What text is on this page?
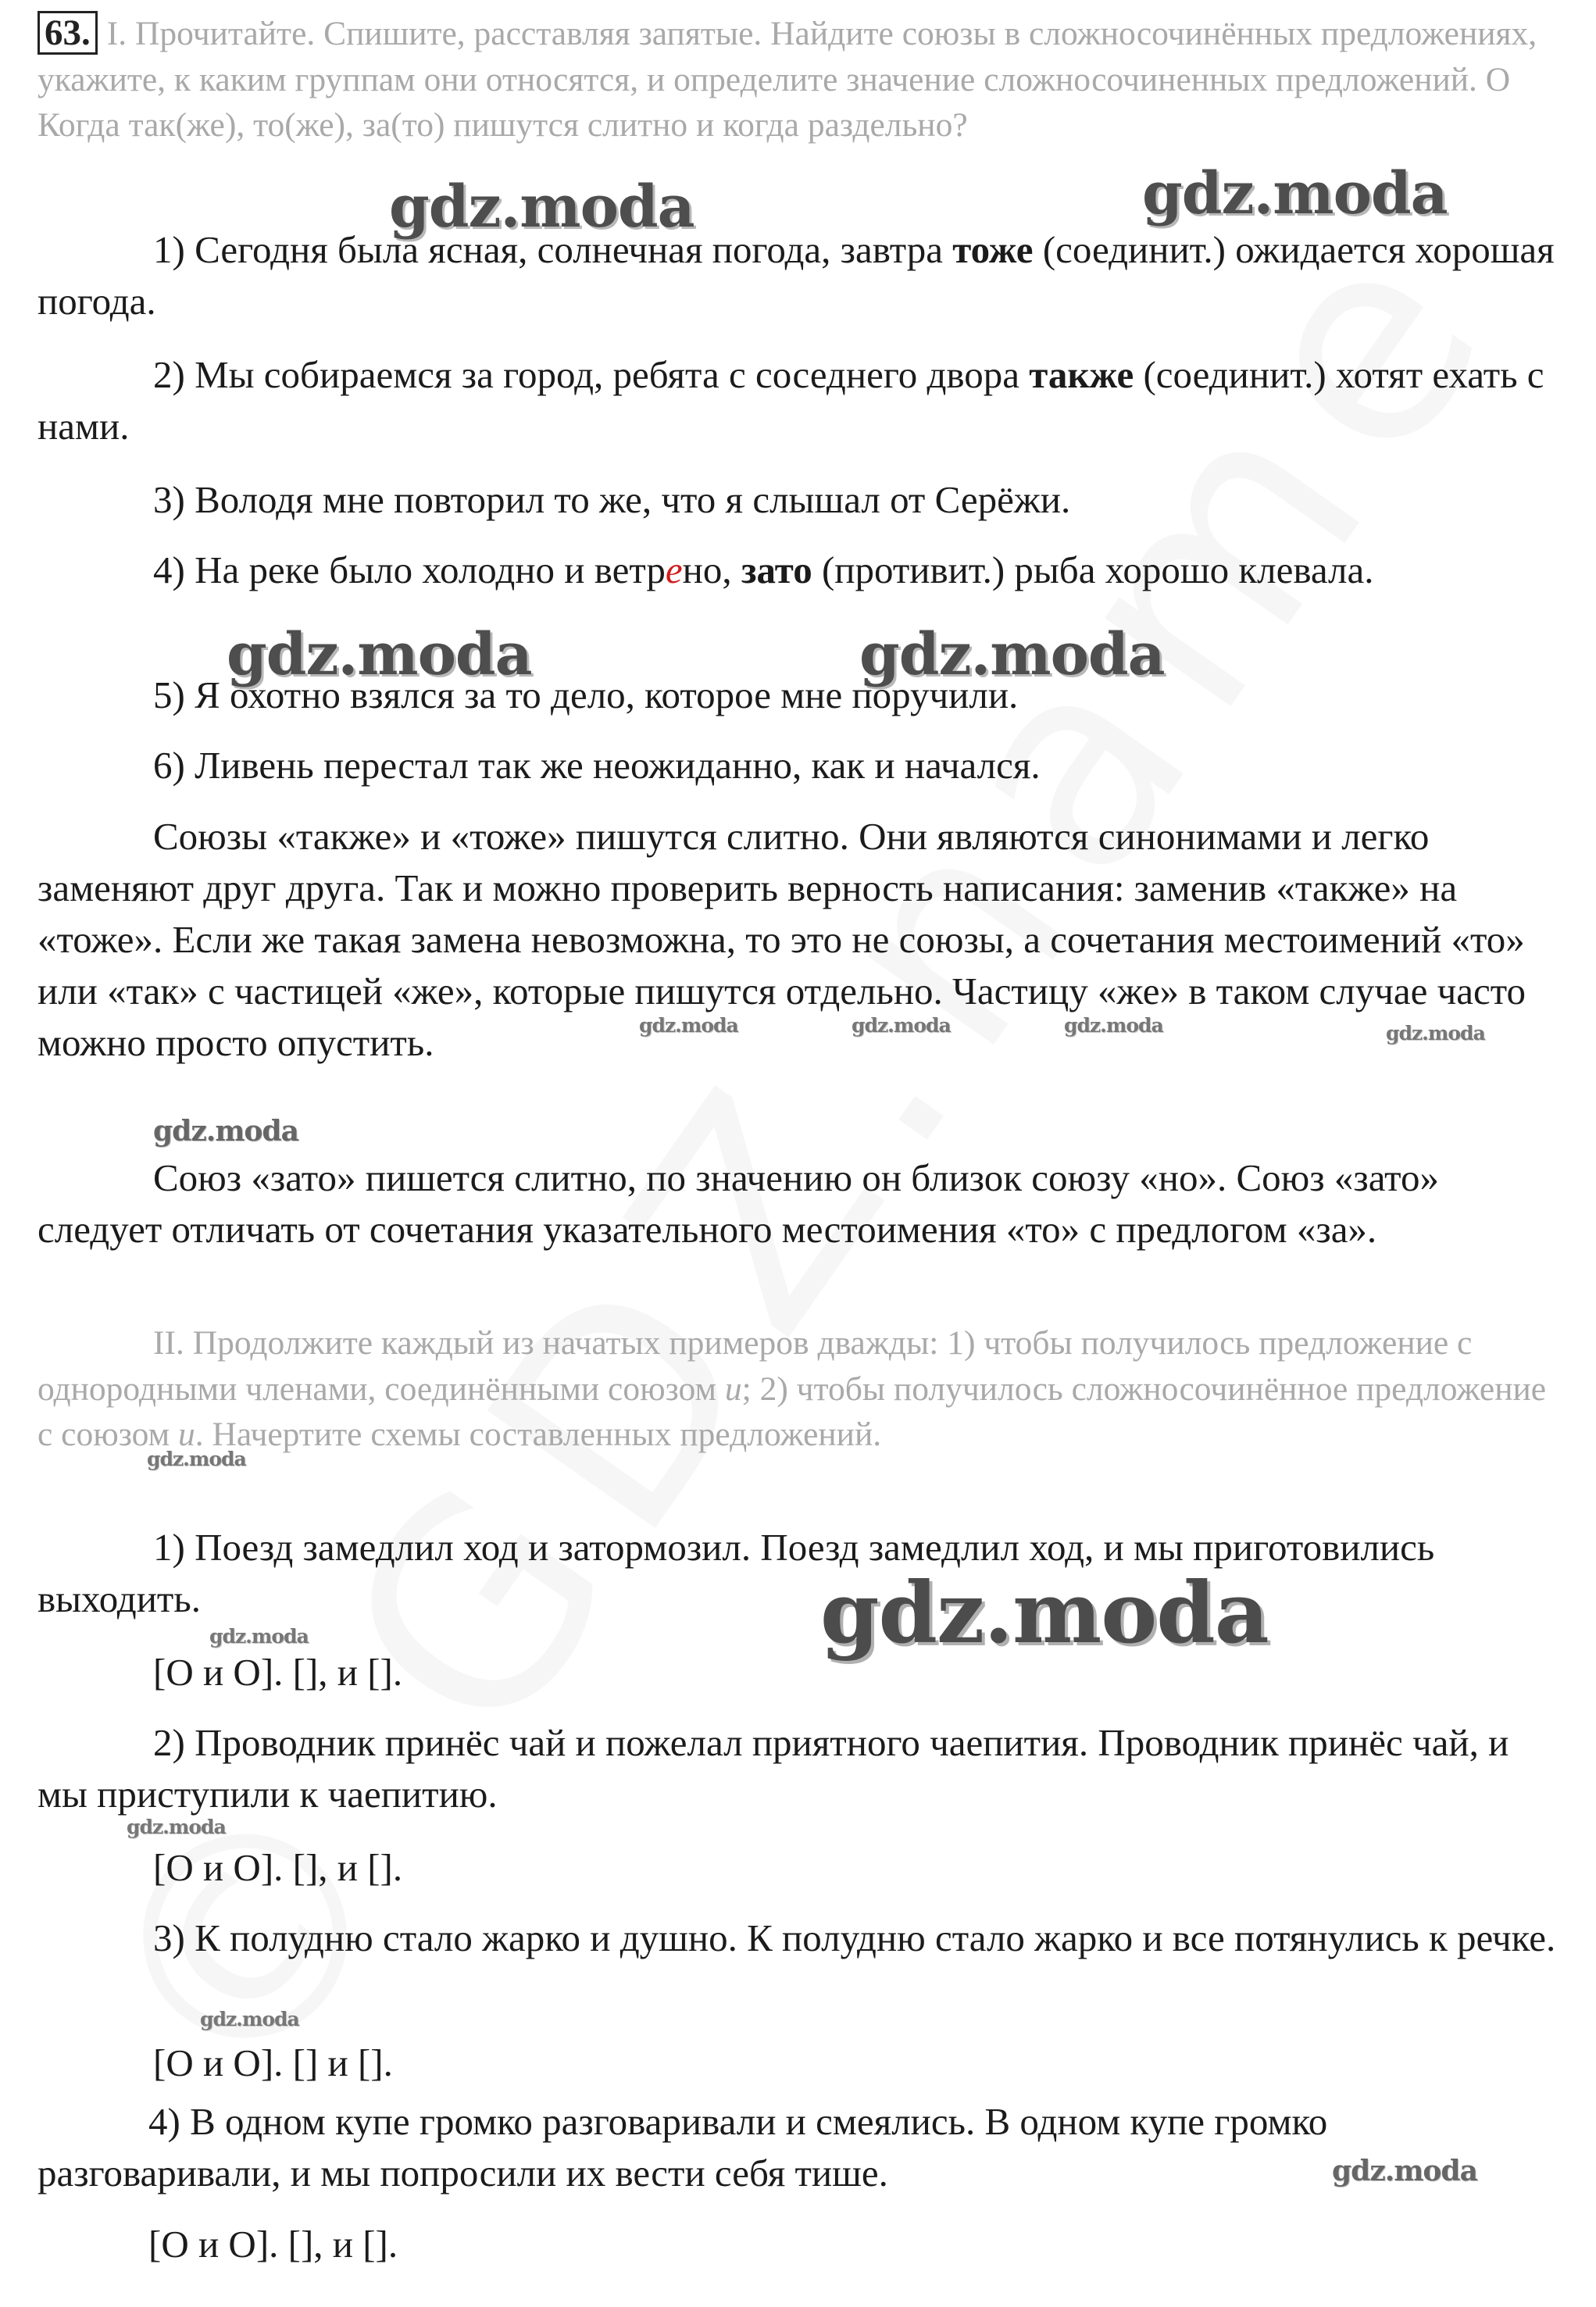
63. I. Прочитайте. Спишите, расставляя запятые. Найдите союзы в сложносочинённых предложениях, укажите, к каким группам они относятся, и определите значение сложносочиненных предложений. О Когда так(же), то(же), за(то) пишутся слитно и когда раздельно?

1) Сегодня была ясная, солнечная погода, завтра тоже (соединит.) ожидается хорошая погода.

2) Мы собираемся за город, ребята с соседнего двора также (соединит.) хотят ехать с нами.

3) Володя мне повторил то же, что я слышал от Серёжи.

4) На реке было холодно и ветрено, зато (противит.) рыба хорошо клевала.

5) Я охотно взялся за то дело, которое мне поручили.

6) Ливень перестал так же неожиданно, как и начался.

Союзы «также» и «тоже» пишутся слитно. Они являются синонимами и легко заменяют друг друга. Так и можно проверить верность написания: заменив «также» на «тоже». Если же такая замена невозможна, то это не союзы, а сочетания местоимений «то» или «так» с частицей «же», которые пишутся отдельно. Частицу «же» в таком случае часто можно просто опустить.

Союз «зато» пишется слитно, по значению он близок союзу «но». Союз «зато» следует отличать от сочетания указательного местоимения «то» с предлогом «за».

II. Продолжите каждый из начатых примеров дважды: 1) чтобы получилось предложение с однородными членами, соединёнными союзом и; 2) чтобы получилось сложносочинённое предложение с союзом и. Начертите схемы составленных предложений.

1) Поезд замедлил ход и затормозил. Поезд замедлил ход, и мы приготовились выходить.

[О и О]. [], и [].

2) Проводник принёс чай и пожелал приятного чаепития. Проводник принёс чай, и мы приступили к чаепитию.

[О и О]. [], и [].

3) К полудню стало жарко и душно. К полудню стало жарко и все потянулись к речке.

[О и О]. [] и [].

4) В одном купе громко разговаривали и смеялись. В одном купе громко разговаривали, и мы попросили их вести себя тише.

[О и О]. [], и [].

gdz.moda	gdz.moda
gdz.moda	gdz.moda
gdz.moda	gdz.moda	gdz.moda	gdz.moda
gdz.moda
gdz.moda
gdz.moda
gdz.moda
gdz.moda
gdz.moda
gdz.moda
